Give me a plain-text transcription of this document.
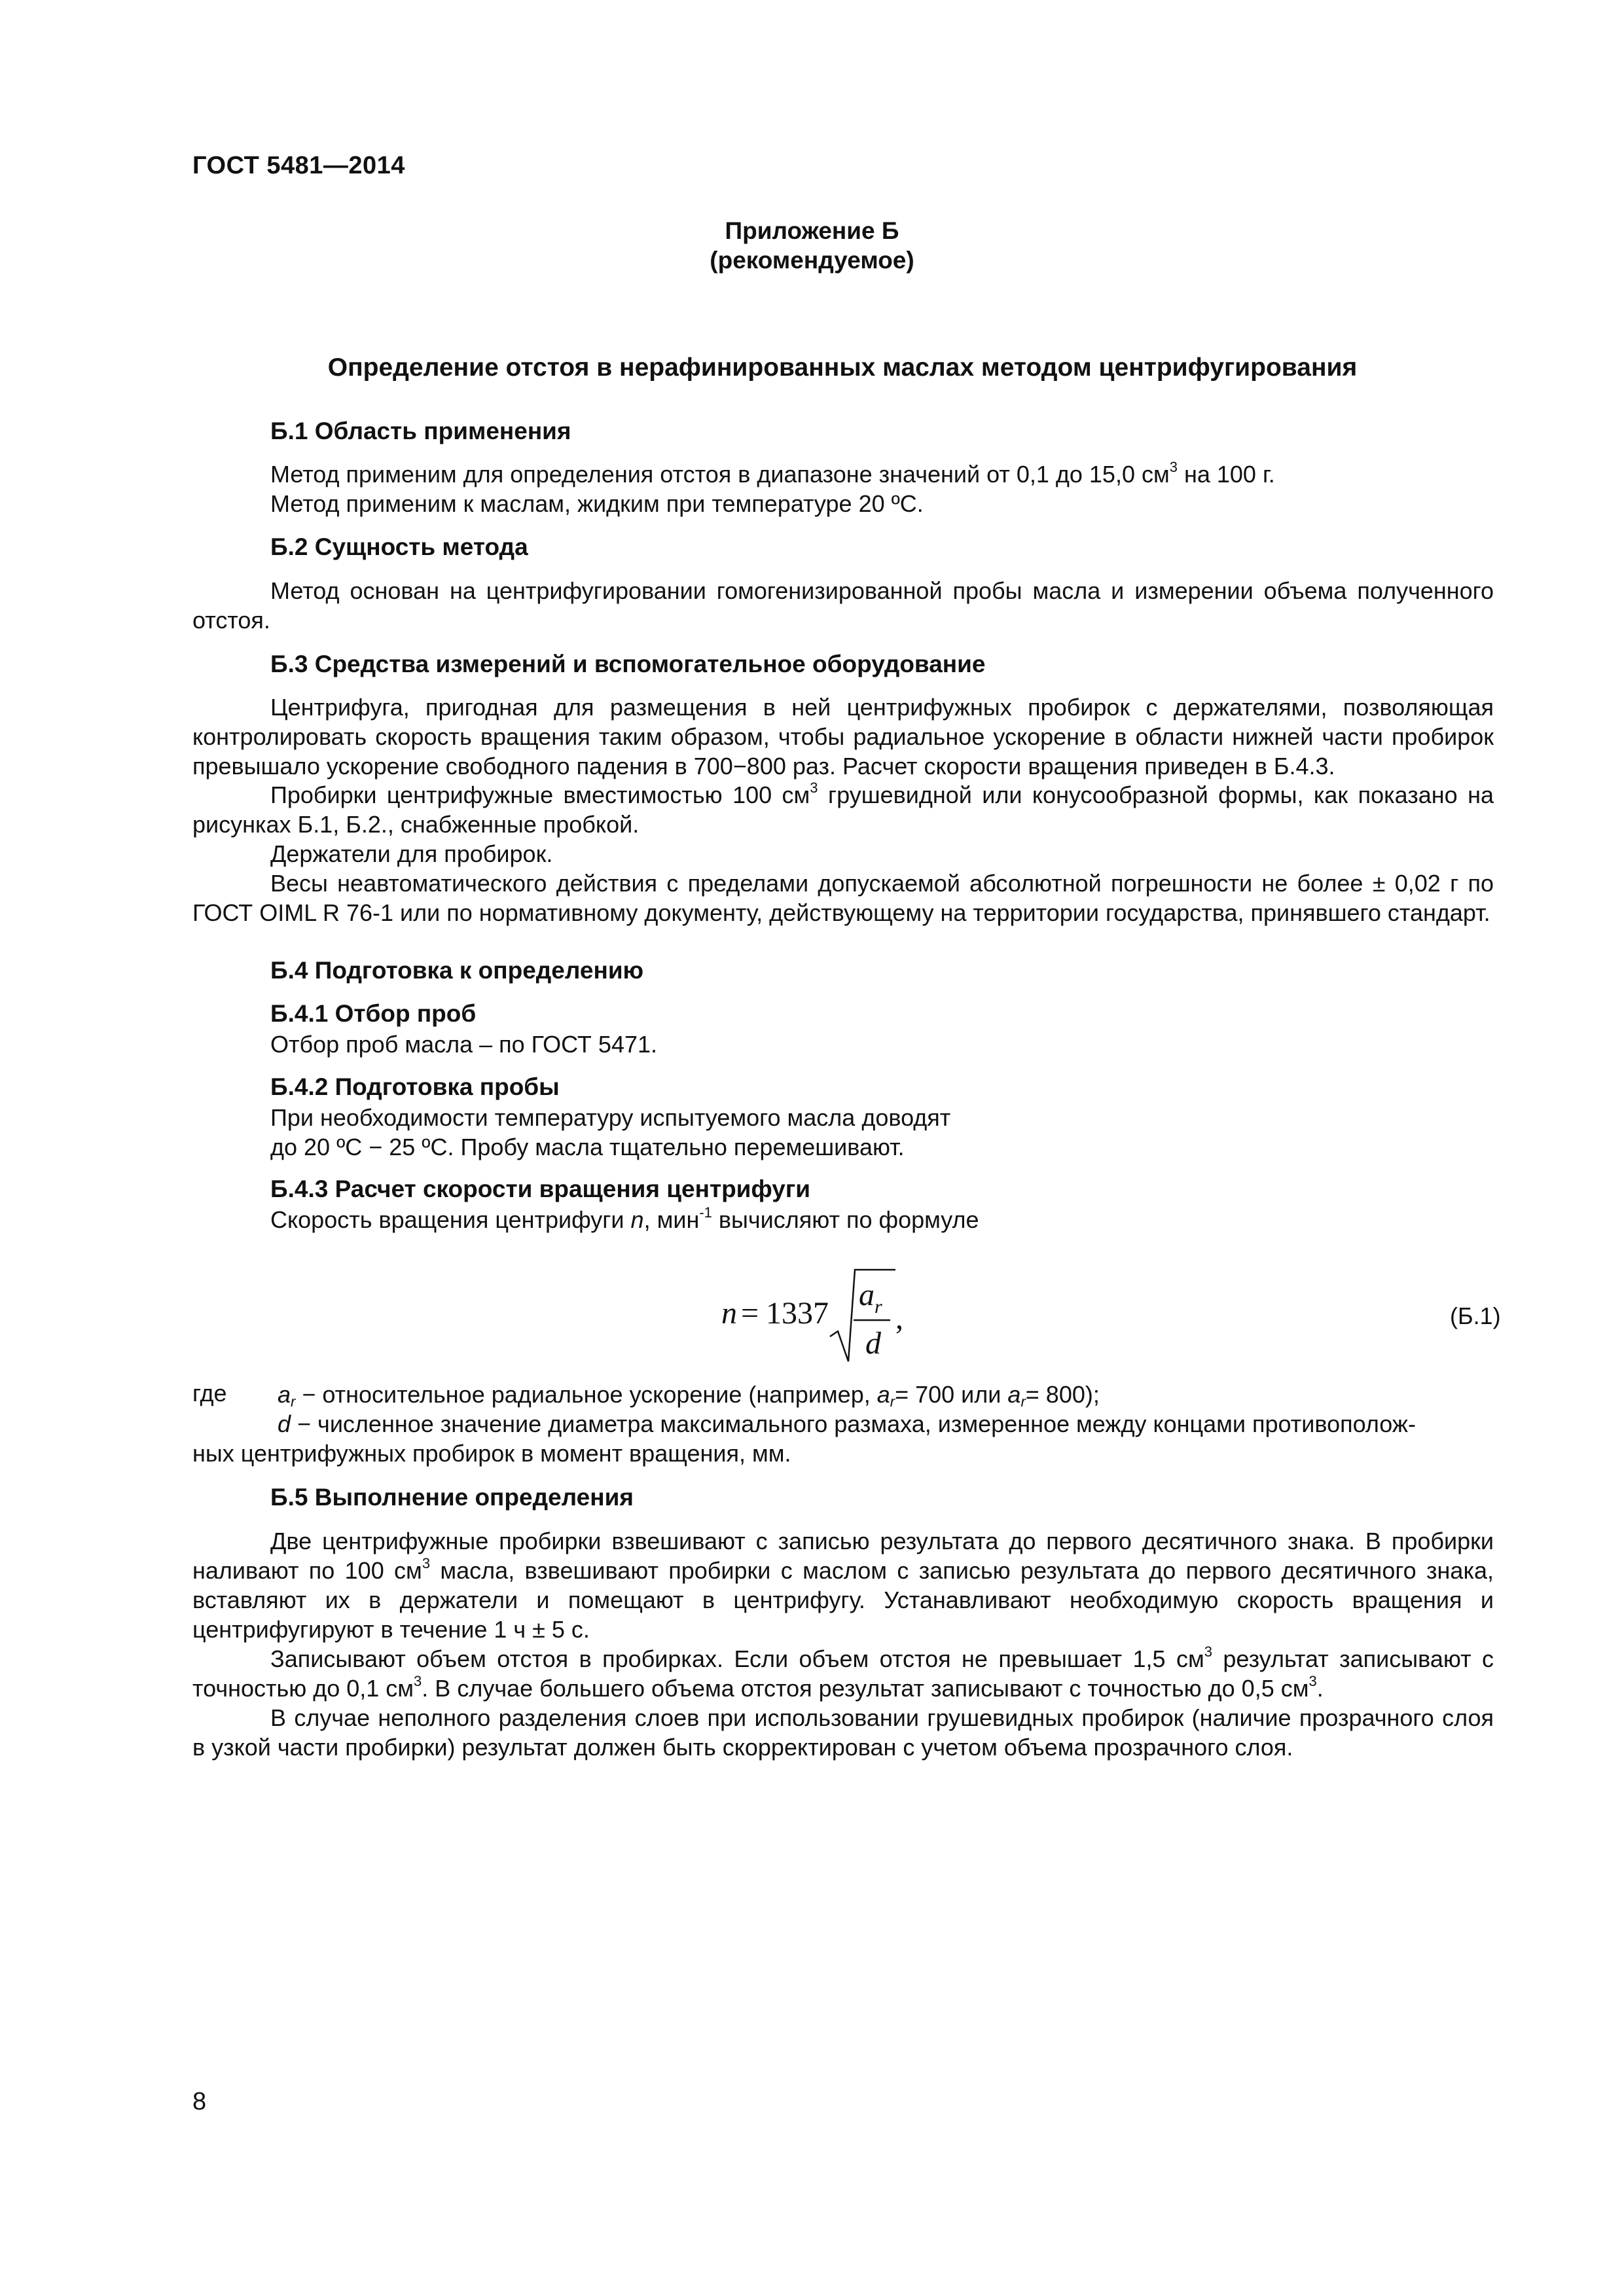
ГОСТ 5481—2014
Приложение Б
(рекомендуемое)
Определение отстоя в нерафинированных маслах методом центрифугирования
Б.1 Область применения
Метод применим для определения отстоя в диапазоне значений от 0,1 до 15,0 $см^3$ на 100 г.
Метод применим к маслам, жидким при температуре 20 ºС.
Б.2 Сущность метода
Метод основан на центрифугировании гомогенизированной пробы масла и измерении объема полученного отстоя.
Б.3 Средства измерений и вспомогательное оборудование
Центрифуга, пригодная для размещения в ней центрифужных пробирок с держателями, позволяющая контролировать скорость вращения таким образом, чтобы радиальное ускорение в области нижней части пробирок превышало ускорение свободного падения в 700−800 раз. Расчет скорости вращения приведен в Б.4.3.
Пробирки центрифужные вместимостью 100 $см^3$ грушевидной или конусообразной формы, как показано на рисунках Б.1, Б.2., снабженные пробкой.
Держатели для пробирок.
Весы неавтоматического действия с пределами допускаемой абсолютной погрешности не более ± 0,02 г по ГОСТ OIML R 76-1 или по нормативному документу, действующему на территории государства, принявшего стандарт.
Б.4 Подготовка к определению
Б.4.1 Отбор проб
Отбор проб масла – по ГОСТ 5471.
Б.4.2 Подготовка пробы
При необходимости температуру испытуемого масла доводят
до 20 ºС − 25 ºС. Пробу масла тщательно перемешивают.
Б.4.3 Расчет скорости вращения центрифуги
Скорость вращения центрифуги n, мин$^{-1}$ вычисляют по формуле
n = 1337
a r
d
,	(Б.1)
где $a_r$ − относительное радиальное ускорение (например, $a_r= 700$ или $a_r= 800$);
d − численное значение диаметра максимального размаха, измеренное между концами противополож-
ных центрифужных пробирок в момент вращения, мм.
Б.5 Выполнение определения
Две центрифужные пробирки взвешивают с записью результата до первого десятичного знака. В пробирки наливают по 100 $см^3$ масла, взвешивают пробирки с маслом с записью результата до первого десятичного знака, вставляют их в держатели и помещают в центрифугу. Устанавливают необходимую скорость вращения и центрифугируют в течение 1 ч ± 5 с.
Записывают объем отстоя в пробирках. Если объем отстоя не превышает 1,5 $см^3$ результат записывают с точностью до 0,1 $см^3$. В случае большего объема отстоя результат записывают с точностью до 0,5 $см^3$.
В случае неполного разделения слоев при использовании грушевидных пробирок (наличие прозрачного слоя в узкой части пробирки) результат должен быть скорректирован с учетом объема прозрачного слоя.
8
